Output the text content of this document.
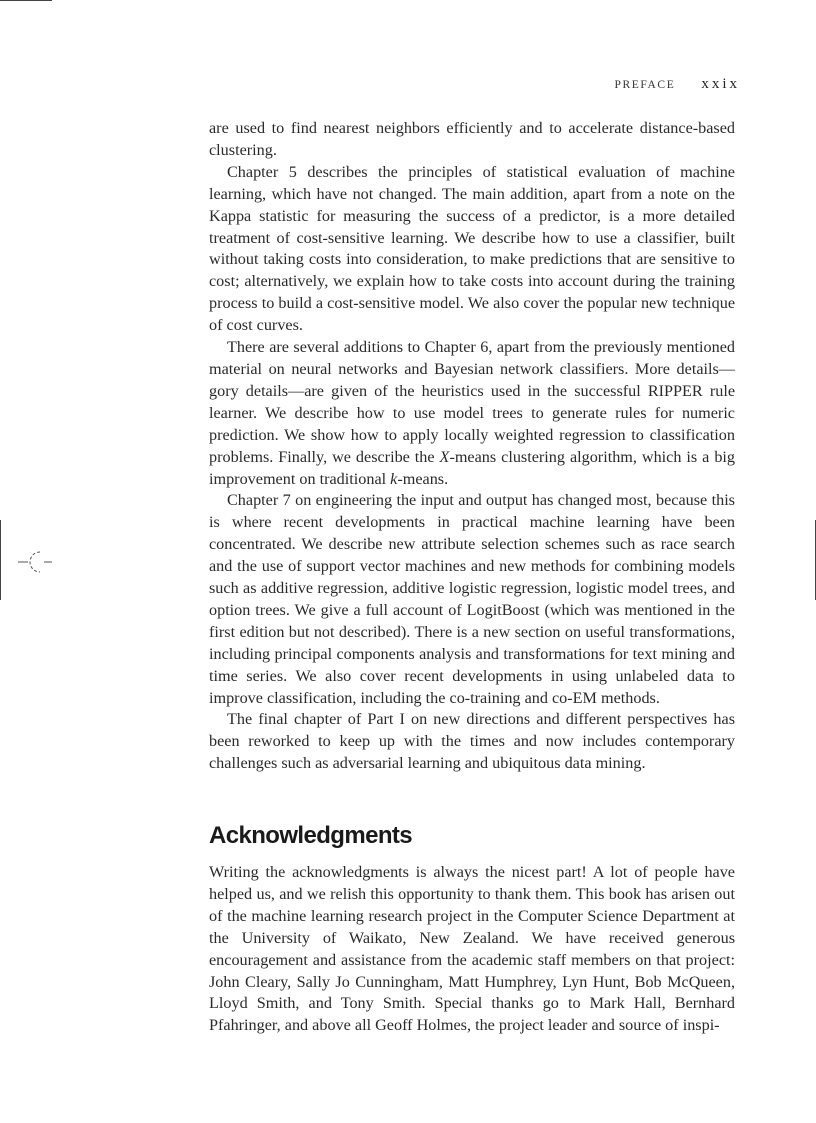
PREFACE xxix

are used to find nearest neighbors efficiently and to accelerate distance-based clustering.

Chapter 5 describes the principles of statistical evaluation of machine learning, which have not changed. The main addition, apart from a note on the Kappa statistic for measuring the success of a predictor, is a more detailed treatment of cost-sensitive learning. We describe how to use a classifier, built without taking costs into consideration, to make predictions that are sensitive to cost; alternatively, we explain how to take costs into account during the training process to build a cost-sensitive model. We also cover the popular new technique of cost curves.

There are several additions to Chapter 6, apart from the previously mentioned material on neural networks and Bayesian network classifiers. More details—gory details—are given of the heuristics used in the successful RIPPER rule learner. We describe how to use model trees to generate rules for numeric prediction. We show how to apply locally weighted regression to classification problems. Finally, we describe the X-means clustering algorithm, which is a big improvement on traditional k-means.

Chapter 7 on engineering the input and output has changed most, because this is where recent developments in practical machine learning have been concentrated. We describe new attribute selection schemes such as race search and the use of support vector machines and new methods for combining models such as additive regression, additive logistic regression, logistic model trees, and option trees. We give a full account of LogitBoost (which was mentioned in the first edition but not described). There is a new section on useful transformations, including principal components analysis and transformations for text mining and time series. We also cover recent developments in using unlabeled data to improve classification, including the co-training and co-EM methods.

The final chapter of Part I on new directions and different perspectives has been reworked to keep up with the times and now includes contemporary challenges such as adversarial learning and ubiquitous data mining.

Acknowledgments

Writing the acknowledgments is always the nicest part! A lot of people have helped us, and we relish this opportunity to thank them. This book has arisen out of the machine learning research project in the Computer Science Department at the University of Waikato, New Zealand. We have received generous encouragement and assistance from the academic staff members on that project: John Cleary, Sally Jo Cunningham, Matt Humphrey, Lyn Hunt, Bob McQueen, Lloyd Smith, and Tony Smith. Special thanks go to Mark Hall, Bernhard Pfahringer, and above all Geoff Holmes, the project leader and source of inspi-
